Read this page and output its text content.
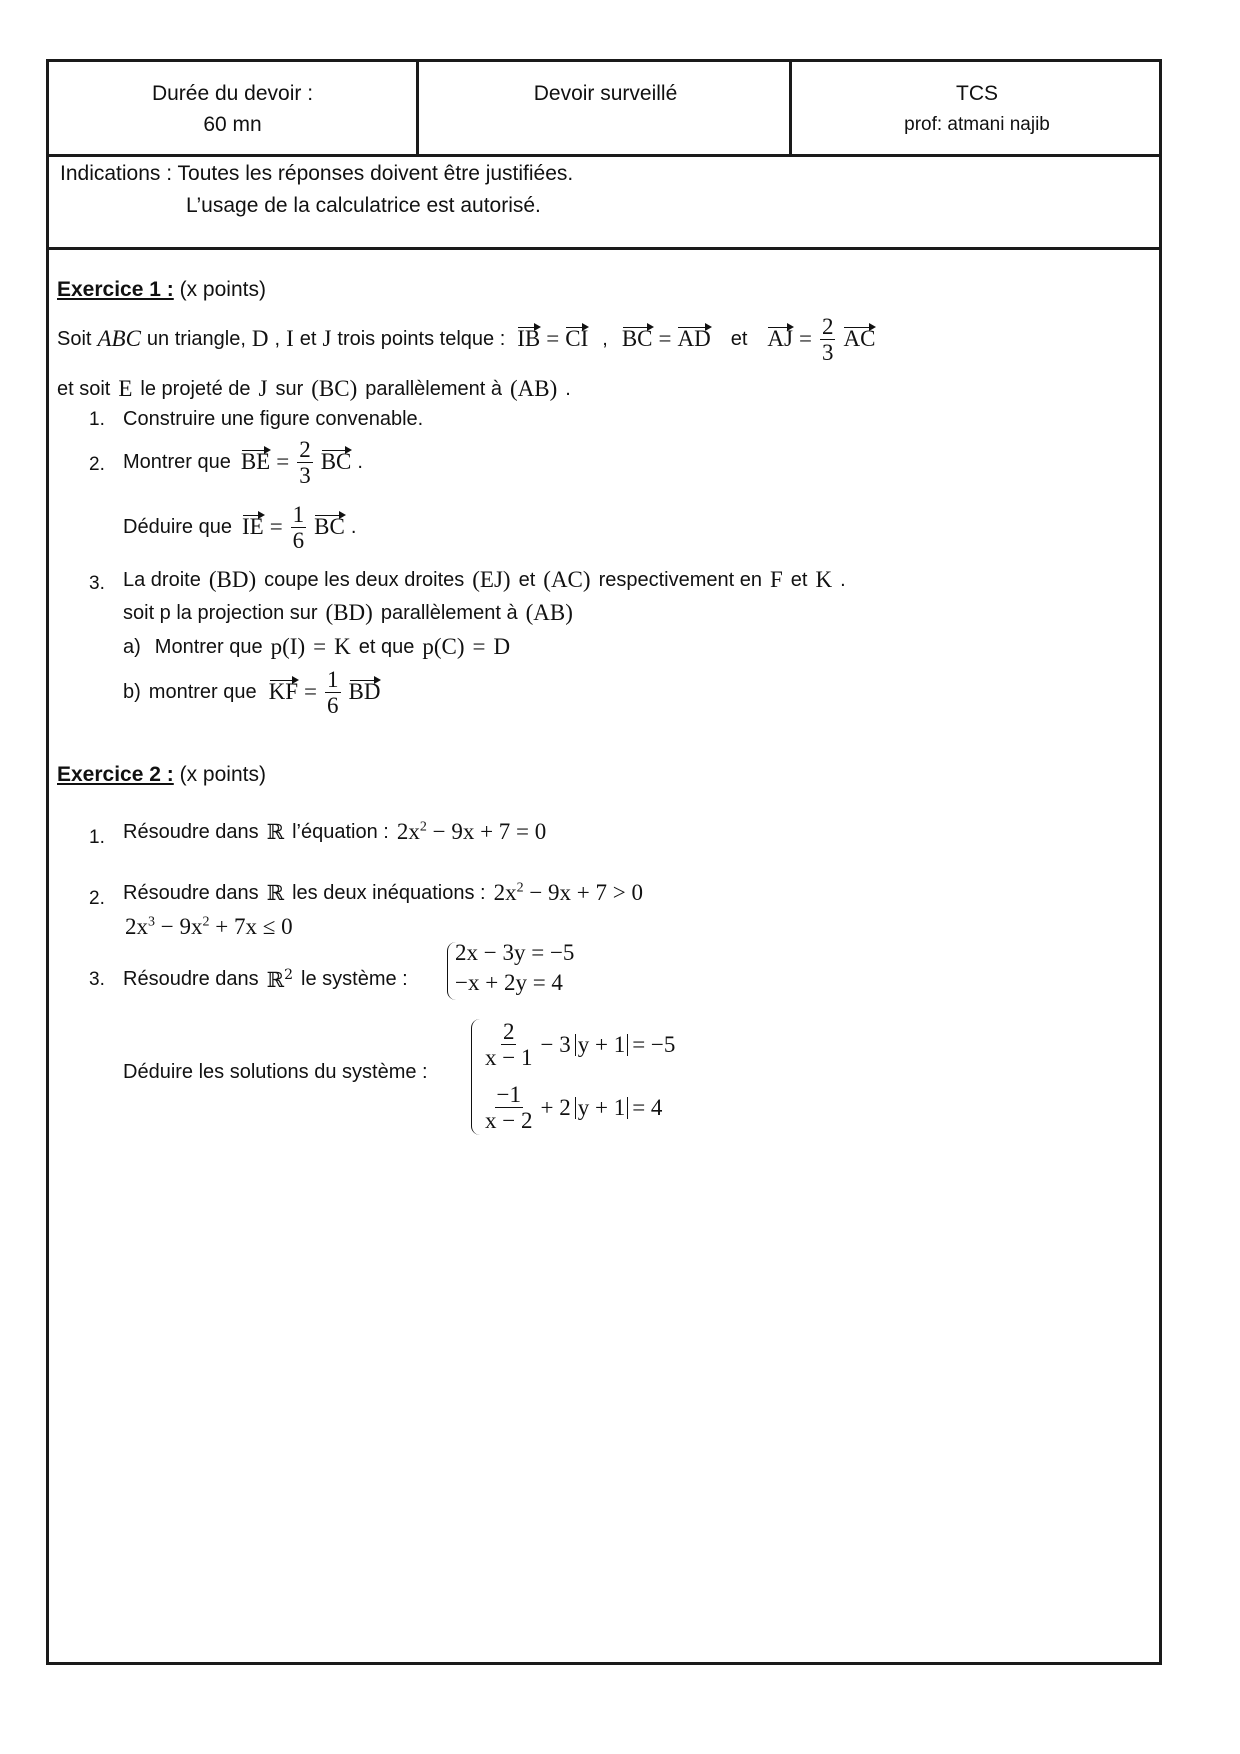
Durée du devoir :
60 mn
Devoir surveillé	TCS
prof: atmani najib
Indications : Toutes les réponses doivent être justifiées.
L’usage de la calculatrice est autorisé.
Exercice 1 : (x points)
Soit ABC un triangle, D , I et J trois points telque : IB = CI , BC = AD et AJ = $\frac{2}{3}$ AC
et soit E le projeté de J sur (BC) parallèlement à (AB) .
1. Construire une figure convenable.
2. Montrer que BE = $\frac{2}{3}$ BC .
Déduire que IE = $\frac{1}{6}$ BC .
3. La droite (BD) coupe les deux droites (EJ) et (AC) respectivement en F et K .
soit p la projection sur (BD) parallèlement à (AB)
a) Montrer que p(I) = K et que p(C) = D
b) montrer que KF = $\frac{1}{6}$ BD
Exercice 2 : (x points)
1. Résoudre dans ℝ l’équation : $2x^2 - 9x + 7 = 0$
2. Résoudre dans ℝ les deux inéquations : $2x^2 - 9x + 7 > 0$
$2x^3 - 9x^2 + 7x \le 0$
3. Résoudre dans ℝ$^2$ le système :
2x − 3y = −5
−x + 2y = 4
Déduire les solutions du système :
$\frac{2}{x - 1} - 3$ y + 1 = −5
$\frac{-1}{x - 2} + 2$ y + 1 = 4
